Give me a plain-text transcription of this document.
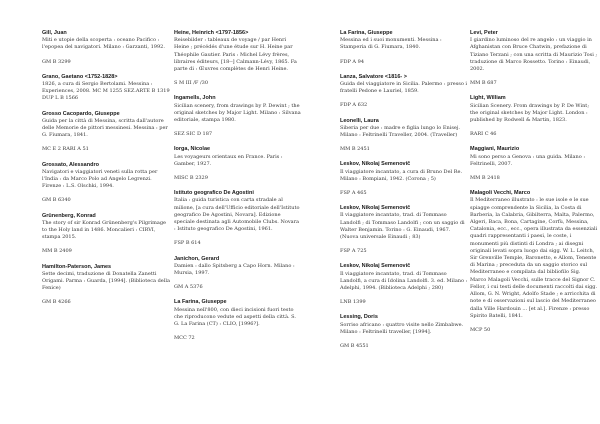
Gill, Juan
Miti e utopie della scoperta : oceano Pacifico : l'epopea del navigatori. Milano : Garzanti, 1992.
GM B 3299
Grano, Gaetano <1752-1828>
1826, a cura di Sergio Bertolami. Messina : Experiences, 2008. MC M 1255 SEZ.ARTE B 1319 DUP L B 1566
Grosso Cacopardo, Giuseppe
Guida per la città di Messina, scritta dall'autore delle Memorie de pittori messinesi. Messina : per G. Fiumara, 1841.
MC E 2 RARI A 51
Grossato, Alessandro
Navigatori e viaggiatori veneti sulla rotta per l'India : da Marco Polo ad Angelo Legrenzi. Firenze : L.S. Olschki, 1994.
GM B 6340
Grünenberg, Konrad
The story of sir Konrad Grünenberg's Pilgrimage to the Holy land in 1486. Moncalieri : CIRVI, stampa 2015.
MM B 2409
Hamilton-Paterson, James
Sette decimi, traduzione di Donatella Zanetti Origami. Parma : Guarda, [1994]. (Biblioteca della Fenice)
GM B 4266
Heine, Heinrich <1797-1856>
Reisebilder : tableaux de voyage / par Henri Heine ; précédés d'une étude sur H. Heine par Théophile Gautier. Paris : Michel Lévy frères, libraires éditeurs, [18--] Calmann-Lévy, 1865. Fa parte di : Œuvres complètes de Henri Heine.
S M III /F /30
Ingamells, John
Sicilian scenery, from drawings by P. Dewint ; the original sketches by Major Light. Milano : Silvana editoriale, stampa 1980.
SEZ SIC D 187
Iorga, Nicolae
Les voyageurs orientaux en France. Paris : Gamber, 1927.
MISC B 2329
Istituto geografico De Agostini
Italia : guida turistica con carta stradale al milione, [a cura dell'Ufficio editoriale dell'Istituto geografico De Agostini, Novara]. Edizione speciale destinata agli Automobile Clubs. Novara : Istituto geografico De Agostini, 1961.
FSP B 614
Janichon, Gerard
Damien : dallo Spitsberg a Capo Horn. Milano : Mursia, 1997.
GM A 5376
La Farina, Giuseppe
Messina nell'800, con dieci incisioni fuori testo che riproducono vedute ed aspetti della città. S. G. La Farina (CT) : CLIO, [1996?].
MCC 72
La Farina, Giuseppe
Messina ed i suoi monumenti. Messina : Stamperia di G. Fiumara, 1840.
FDP A 94
Lanza, Salvatore <1816- >
Guida del viaggiatore in Sicilia. Palermo : presso i fratelli Pedone e Lauriel, 1859.
FDP A 632
Leonelli, Laura
Siberia per due : madre e figlia lungo lo Enisej. Milano : Feltrinelli Traveller, 2004. (Traveller)
MM B 2451
Leskov, Nikolaj Semenovič
Il viaggiatore incantato, a cura di Bruno Del Re. Milano : Bompiani, 1942. (Corona ; 5)
FSP A 465
Leskov, Nikolaj Semenovič
Il viaggiatore incantato, trad. di Tommaso Landolfi ; di Tommaso Landolfi ; con un saggio di Walter Benjamin. Torino : G. Einaudi, 1967. (Nuova universale Einaudi ; 83)
FSP A 725
Leskov, Nikolaj Semenovič
Il viaggiatore incantato, trad. di Tommaso Landolfi, a cura di Idolina Landolfi. 3. ed. Milano : Adelphi, 1994. (Biblioteca Adelphi ; 280)
LNB 1399
Lessing, Doris
Sorriso africano : quattro visite nello Zimbabwe. Milano : Feltrinelli traveller, [1994].
GM B 4551
Levi, Peter
I giardino luminoso del re angelo : un viaggio in Afghanistan con Bruce Chatwin, prefazione di Tiziano Terzani ; con una scritta di Maurizio Tosi ; traduzione di Marco Rossetto. Torino : Einaudi, 2002.
MM B 687
Light, William
Sicilian Scenery. From drawings by P. De Wint; the original sketches by Major Light. London : published by Rodwell & Martin, 1823.
RARI C 46
Maggiani, Maurizio
Mi sono perso a Genova : una guida. Milano : Feltrinelli, 2007.
MM B 2418
Malagoli Vecchi, Marco
Il Mediterraneo illustrato : le sue isole e le sue spiagge comprendente la Sicilia, la Costa di Barberia, la Calabria, Gibilterra, Malta, Palermo, Algeri, Baca, Bona, Cartagine, Corfù, Messina, Catalonia, ecc., ecc., opera illustrata da essenziali quadri rappresentanti i paesi, le coste, i monumenti più distinti di Londra ; ai disegni originali levati sopra luogo dai sigg. W. L. Leitch, Sir Grenville Temple, Baronetto, e Allom, Tenente di Marina ; preceduta da un saggio storico sul Mediterraneo e compilata dal bibliofilo Sig. Marco Malagoli Vecchi, sulle tracce del Signor C. Fellor, i cui testi delle documenti raccolti dai sigg. Allom, G. N. Wright, Adolfo Stade ; e arricchita di note e di osservazioni sul lascio del Mediterraneo dalla Ville Hardouin ... [et al.]. Firenze : presso Spirito Batelli, 1841.
MCP 50
